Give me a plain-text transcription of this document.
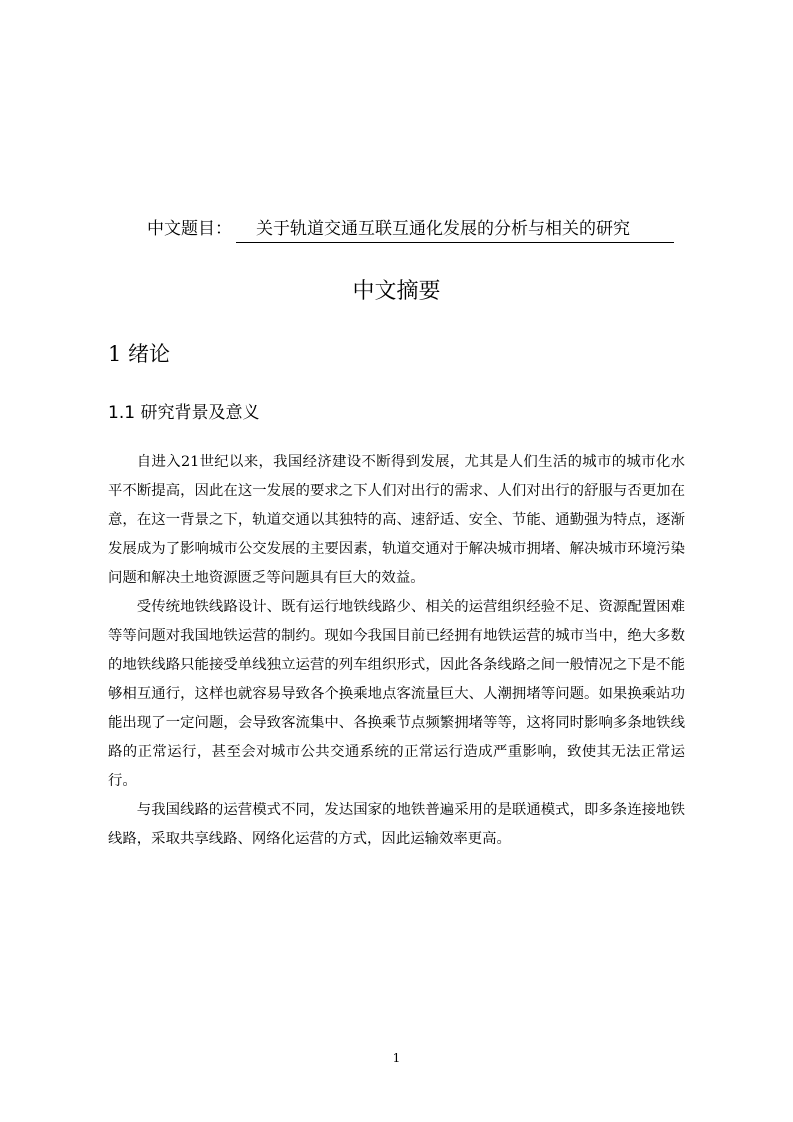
中文题目： 关于轨道交通互联互通化发展的分析与相关的研究
中文摘要
1 绪论
1.1 研究背景及意义

自进入21世纪以来，我国经济建设不断得到发展，尤其是人们生活的城市的城市化水平不断提高，因此在这一发展的要求之下人们对出行的需求、人们对出行的舒服与否更加在意，在这一背景之下，轨道交通以其独特的高、速舒适、安全、节能、通勤强为特点，逐渐发展成为了影响城市公交发展的主要因素，轨道交通对于解决城市拥堵、解决城市环境污染问题和解决土地资源匮乏等问题具有巨大的效益。

受传统地铁线路设计、既有运行地铁线路少、相关的运营组织经验不足、资源配置困难等等问题对我国地铁运营的制约。现如今我国目前已经拥有地铁运营的城市当中，绝大多数的地铁线路只能接受单线独立运营的列车组织形式，因此各条线路之间一般情况之下是不能够相互通行，这样也就容易导致各个换乘地点客流量巨大、人潮拥堵等问题。如果换乘站功能出现了一定问题，会导致客流集中、各换乘节点频繁拥堵等等，这将同时影响多条地铁线路的正常运行，甚至会对城市公共交通系统的正常运行造成严重影响，致使其无法正常运行。

与我国线路的运营模式不同，发达国家的地铁普遍采用的是联通模式，即多条连接地铁线路，采取共享线路、网络化运营的方式，因此运输效率更高。

1
